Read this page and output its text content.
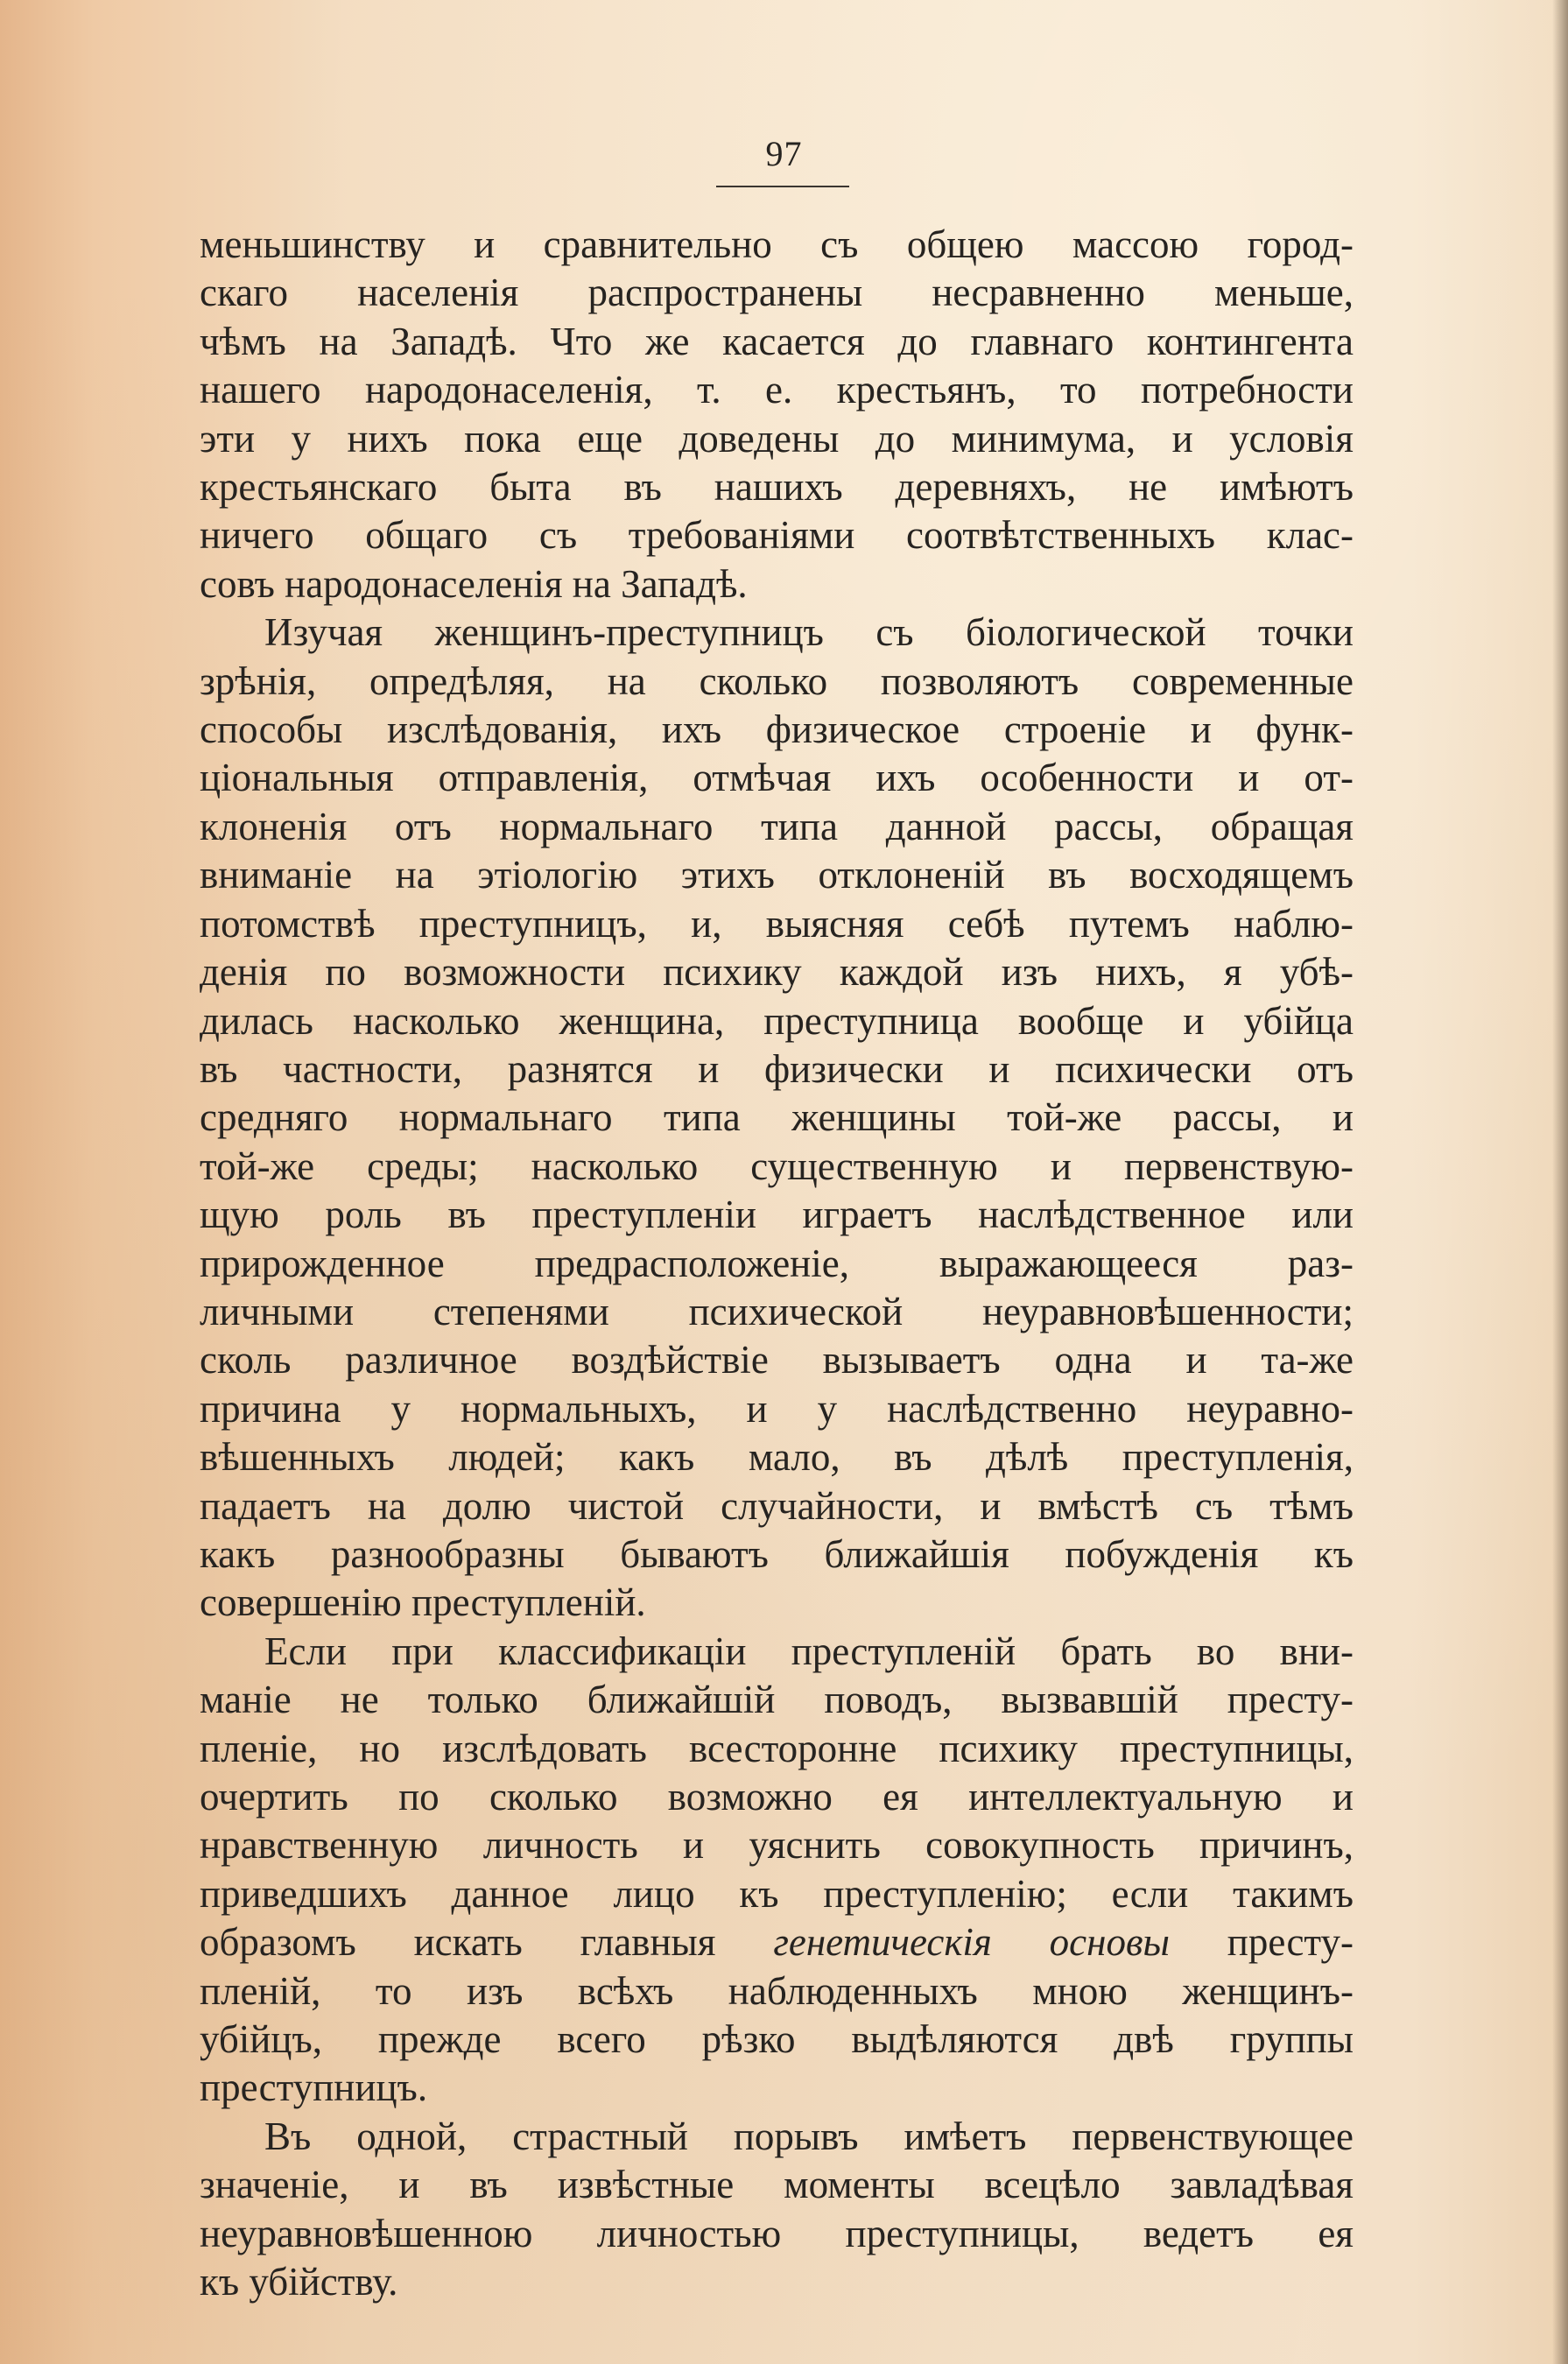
97
меньшинству и сравнительно съ общею массою город-
скаго населенія распространены несравненно меньше,
чѣмъ на Западѣ. Что же касается до главнаго контингента
нашего народонаселенія, т. е. крестьянъ, то потребности
эти у нихъ пока еще доведены до минимума, и условія
крестьянскаго быта въ нашихъ деревняхъ, не имѣютъ
ничего общаго съ требованіями соотвѣтственныхъ клас-
совъ народонаселенія на Западѣ.
Изучая женщинъ-преступницъ съ біологической точки
зрѣнія, опредѣляя, на сколько позволяютъ современные
способы изслѣдованія, ихъ физическое строеніе и функ-
ціональныя отправленія, отмѣчая ихъ особенности и от-
клоненія отъ нормальнаго типа данной рассы, обращая
вниманіе на этіологію этихъ отклоненій въ восходящемъ
потомствѣ преступницъ, и, выясняя себѣ путемъ наблю-
денія по возможности психику каждой изъ нихъ, я убѣ-
дилась насколько женщина, преступница вообще и убійца
въ частности, разнятся и физически и психически отъ
средняго нормальнаго типа женщины той-же рассы, и
той-же среды; насколько существенную и первенствую-
щую роль въ преступленіи играетъ наслѣдственное или
прирожденное предрасположеніе, выражающееся раз-
личными степенями психической неуравновѣшенности;
сколь различное воздѣйствіе вызываетъ одна и та-же
причина у нормальныхъ, и у наслѣдственно неуравно-
вѣшенныхъ людей; какъ мало, въ дѣлѣ преступленія,
падаетъ на долю чистой случайности, и вмѣстѣ съ тѣмъ
какъ разнообразны бываютъ ближайшія побужденія къ
совершенію преступленій.
Если при классификаціи преступленій брать во вни-
маніе не только ближайшій поводъ, вызвавшій престу-
пленіе, но изслѣдовать всесторонне психику преступницы,
очертить по сколько возможно ея интеллектуальную и
нравственную личность и уяснить совокупность причинъ,
приведшихъ данное лицо къ преступленію; если такимъ
образомъ искать главныя генетическія основы престу-
пленій, то изъ всѣхъ наблюденныхъ мною женщинъ-
убійцъ, прежде всего рѣзко выдѣляются двѣ группы
преступницъ.
Въ одной, страстный порывъ имѣетъ первенствующее
значеніе, и въ извѣстные моменты всецѣло завладѣвая
неуравновѣшенною личностью преступницы, ведетъ ея
къ убійству.
